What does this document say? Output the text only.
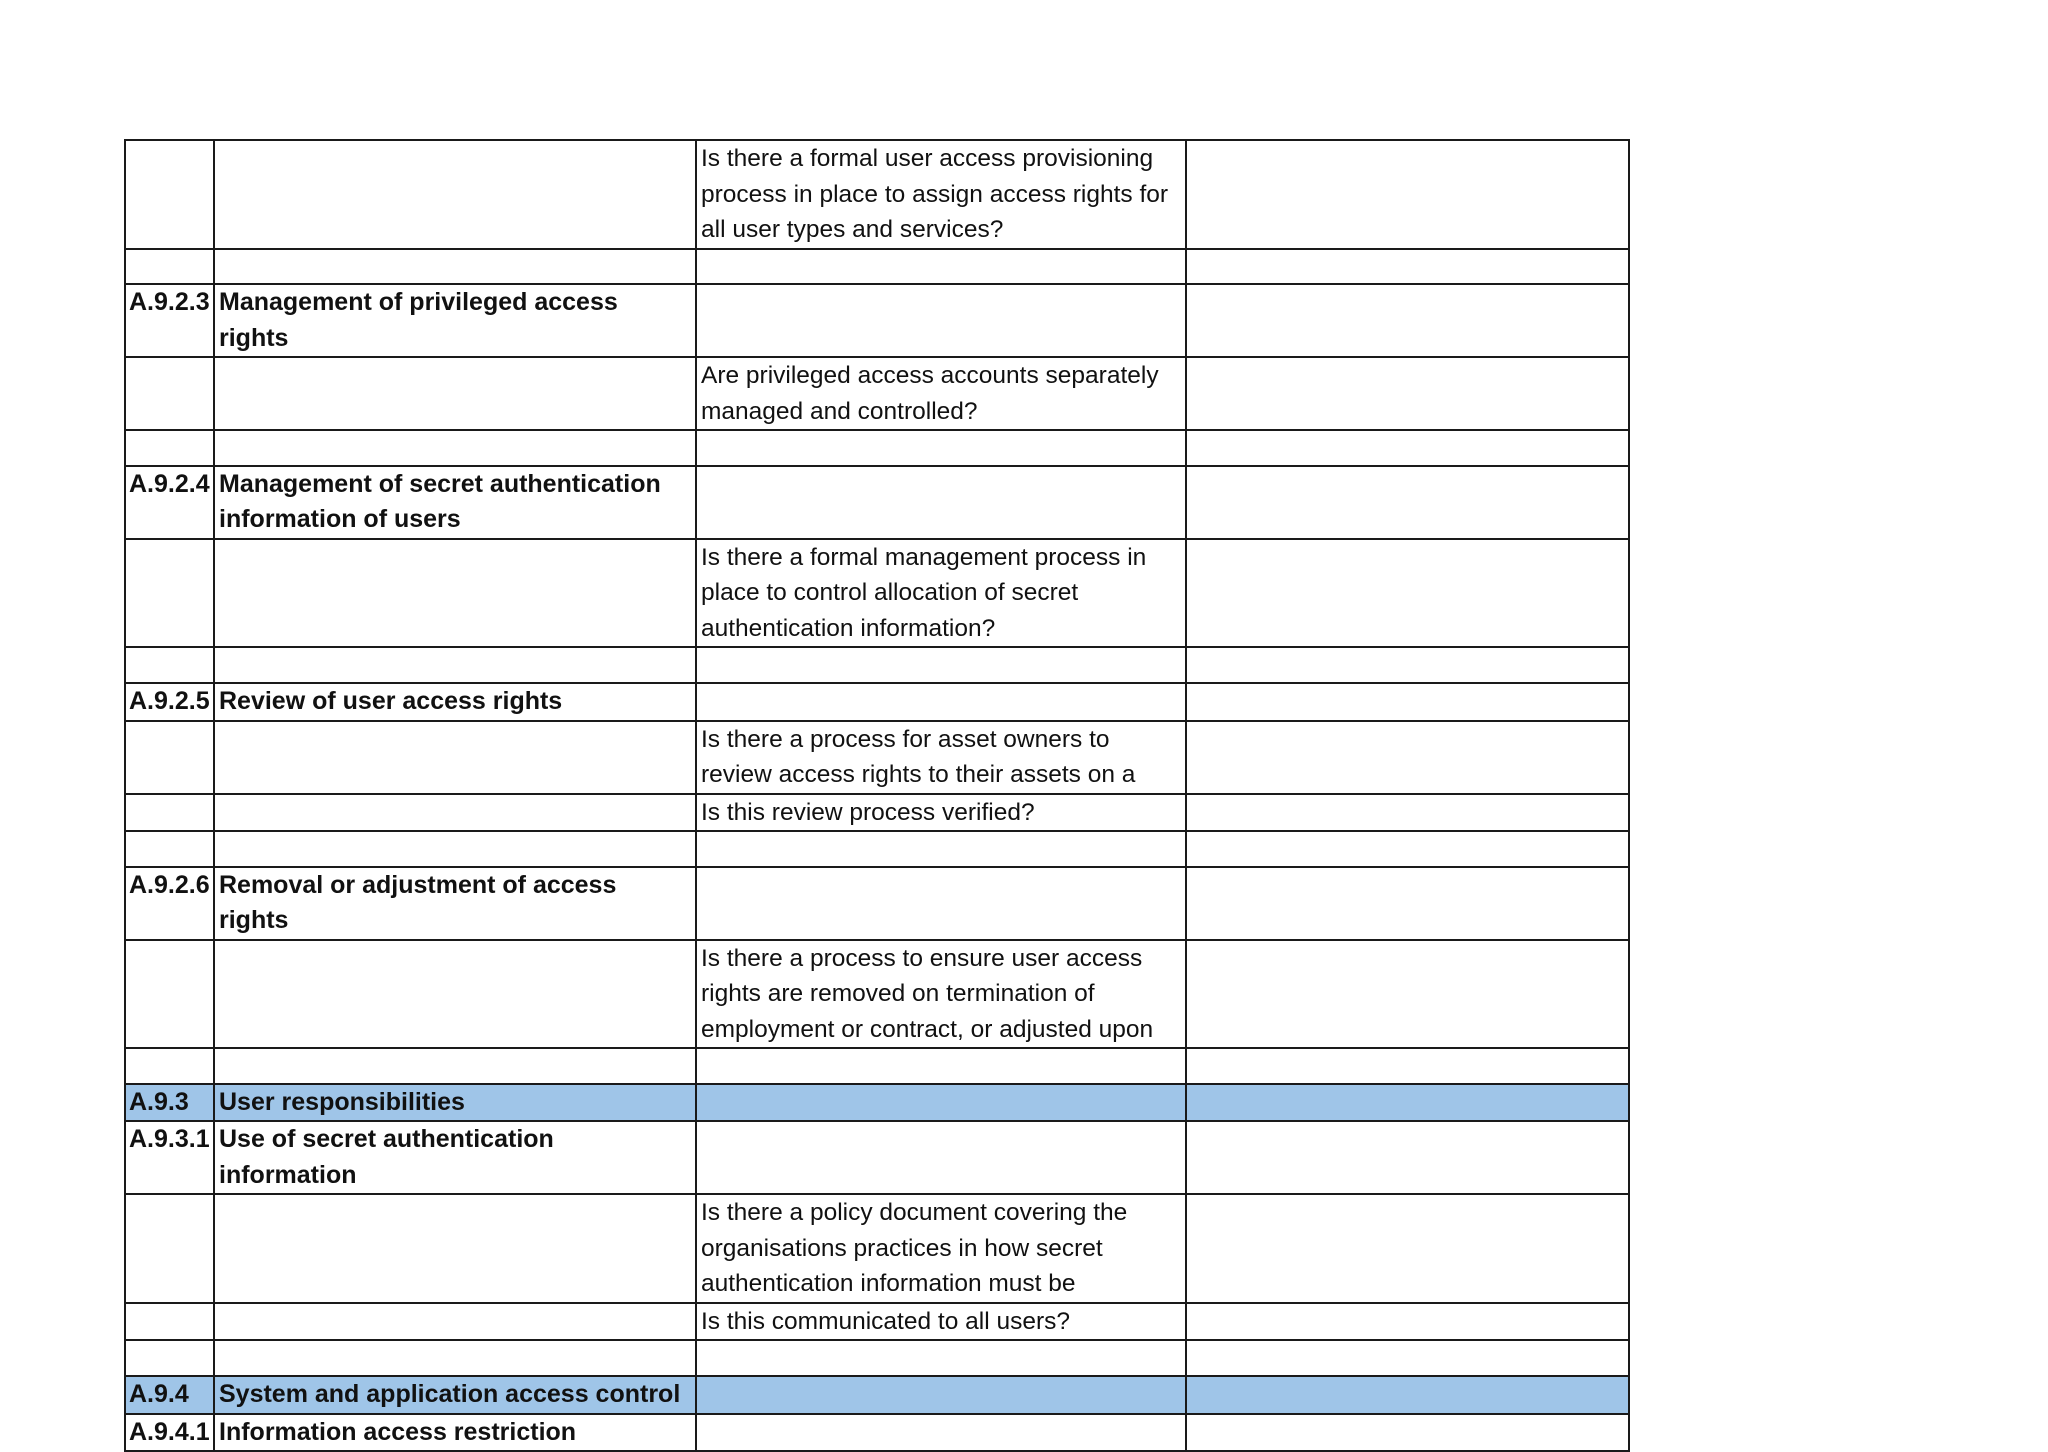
		Is there a formal user access provisioning process in place to assign access rights for all user types and services?	

A.9.2.3	Management of privileged access rights		
		Are privileged access accounts separately managed and controlled?	

A.9.2.4	Management of secret authentication information of users		
		Is there a formal management process in place to control allocation of secret authentication information?	

A.9.2.5	Review of user access rights		
		Is there a process for asset owners to review access rights to their assets on a	
		Is this review process verified?	

A.9.2.6	Removal or adjustment of access rights		
		Is there a process to ensure user access rights are removed on termination of employment or contract, or adjusted upon	

A.9.3	User responsibilities		
A.9.3.1	Use of secret authentication information		
		Is there a policy document covering the organisations practices in how secret authentication information must be	
		Is this communicated to all users?	

A.9.4	System and application access control		
A.9.4.1	Information access restriction		
